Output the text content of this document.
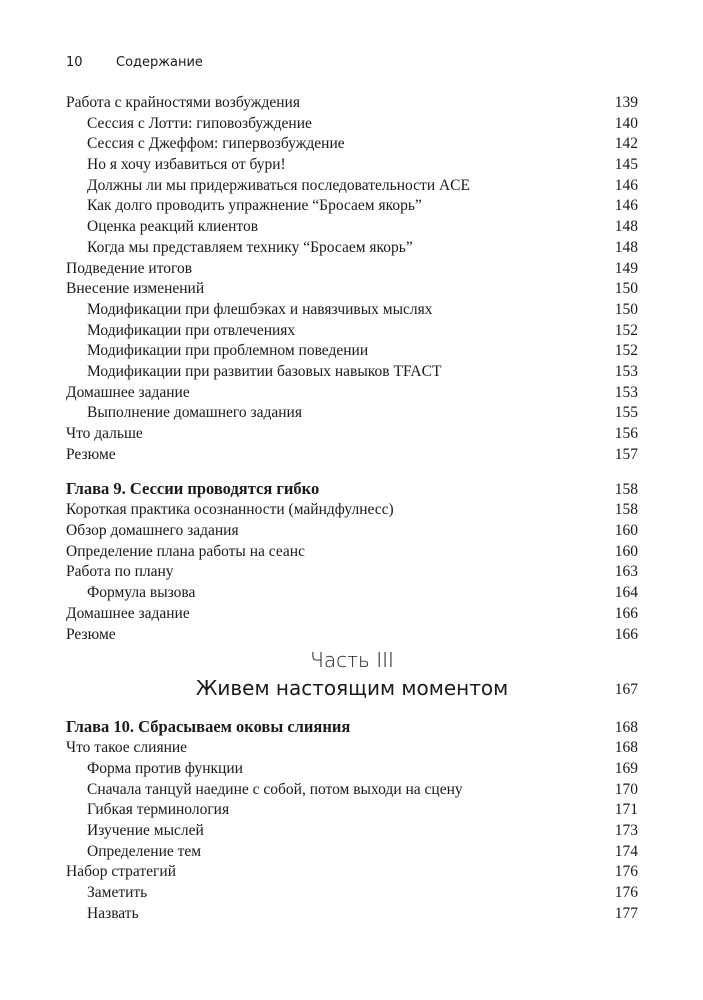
10	Содержание
Работа с крайностями возбуждения	139
Сессия с Лотти: гиповозбуждение	140
Сессия с Джеффом: гипервозбуждение	142
Но я хочу избавиться от бури!	145
Должны ли мы придерживаться последовательности ACE	146
Как долго проводить упражнение “Бросаем якорь”	146
Оценка реакций клиентов	148
Когда мы представляем технику “Бросаем якорь”	148
Подведение итогов	149
Внесение изменений	150
Модификации при флешбэках и навязчивых мыслях	150
Модификации при отвлечениях	152
Модификации при проблемном поведении	152
Модификации при развитии базовых навыков TFACT	153
Домашнее задание	153
Выполнение домашнего задания	155
Что дальше	156
Резюме	157
Глава 9. Сессии проводятся гибко	158
Короткая практика осознанности (майндфулнесс)	158
Обзор домашнего задания	160
Определение плана работы на сеанс	160
Работа по плану	163
Формула вызова	164
Домашнее задание	166
Резюме	166
Часть III
Живем настоящим моментом	167
Глава 10. Сбрасываем оковы слияния	168
Что такое слияние	168
Форма против функции	169
Сначала танцуй наедине с собой, потом выходи на сцену	170
Гибкая терминология	171
Изучение мыслей	173
Определение тем	174
Набор стратегий	176
Заметить	176
Назвать	177
